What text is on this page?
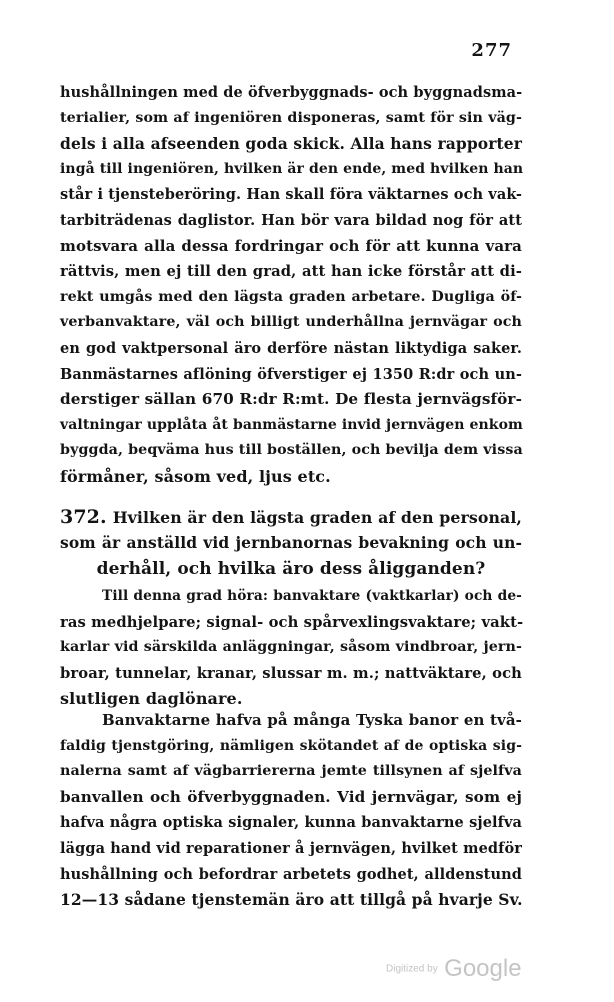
277
hushållningen med de öfverbyggnads- och byggnadsma-
terialier, som af ingeniören disponeras, samt för sin väg-
dels i alla afseenden goda skick. Alla hans rapporter
ingå till ingeniören, hvilken är den ende, med hvilken han
står i tjensteberöring. Han skall föra väktarnes och vak-
tarbiträdenas daglistor. Han bör vara bildad nog för att
motsvara alla dessa fordringar och för att kunna vara
rättvis, men ej till den grad, att han icke förstår att di-
rekt umgås med den lägsta graden arbetare. Dugliga öf-
verbanvaktare, väl och billigt underhållna jernvägar och
en god vaktpersonal äro derföre nästan liktydiga saker.
Banmästarnes aflöning öfverstiger ej 1350 R:dr och un-
derstiger sällan 670 R:dr R:mt. De flesta jernvägsför-
valtningar upplåta åt banmästarne invid jernvägen enkom
byggda, beqväma hus till boställen, och bevilja dem vissa
förmåner, såsom ved, ljus etc.
372. Hvilken är den lägsta graden af den personal,
som är anställd vid jernbanornas bevakning och un-
derhåll, och hvilka äro dess åligganden?
Till denna grad höra: banvaktare (vaktkarlar) och de-
ras medhjelpare; signal- och spårvexlingsvaktare; vakt-
karlar vid särskilda anläggningar, såsom vindbroar, jern-
broar, tunnelar, kranar, slussar m. m.; nattväktare, och
slutligen daglönare.
Banvaktarne hafva på många Tyska banor en två-
faldig tjenstgöring, nämligen skötandet af de optiska sig-
nalerna samt af vägbarriererna jemte tillsynen af sjelfva
banvallen och öfverbyggnaden. Vid jernvägar, som ej
hafva några optiska signaler, kunna banvaktarne sjelfva
lägga hand vid reparationer å jernvägen, hvilket medför
hushållning och befordrar arbetets godhet, alldenstund
12—13 sådane tjenstemän äro att tillgå på hvarje Sv.
Digitized by Google
